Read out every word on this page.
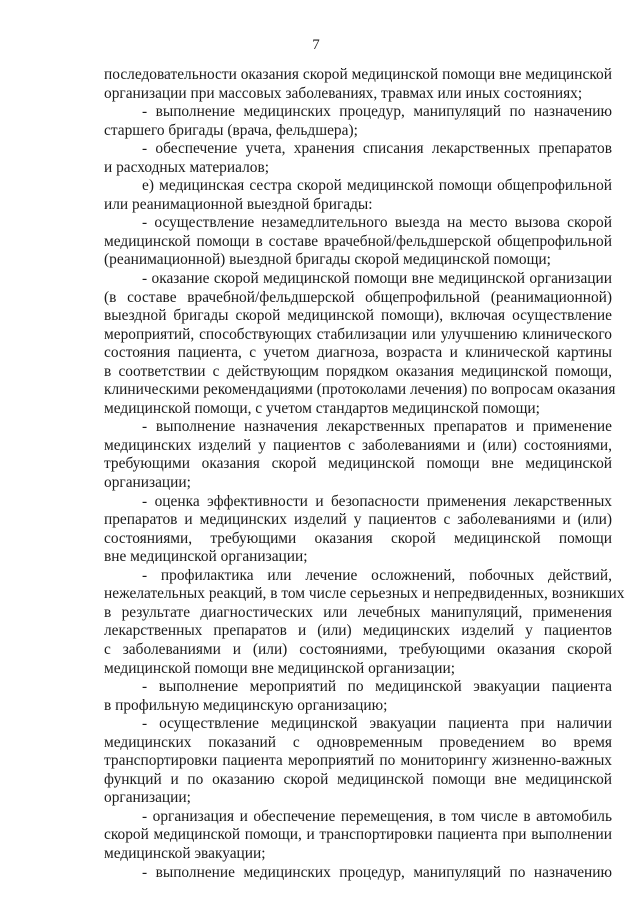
7
последовательности оказания скорой медицинской помощи вне медицинской
организации при массовых заболеваниях, травмах или иных состояниях;
- выполнение медицинских процедур, манипуляций по назначению
старшего бригады (врача, фельдшера);
- обеспечение учета, хранения списания лекарственных препаратов
и расходных материалов;
е) медицинская сестра скорой медицинской помощи общепрофильной
или реанимационной выездной бригады:
- осуществление незамедлительного выезда на место вызова скорой
медицинской помощи в составе врачебной/фельдшерской общепрофильной
(реанимационной) выездной бригады скорой медицинской помощи;
- оказание скорой медицинской помощи вне медицинской организации
(в составе врачебной/фельдшерской общепрофильной (реанимационной)
выездной бригады скорой медицинской помощи), включая осуществление
мероприятий, способствующих стабилизации или улучшению клинического
состояния пациента, с учетом диагноза, возраста и клинической картины
в соответствии с действующим порядком оказания медицинской помощи,
клиническими рекомендациями (протоколами лечения) по вопросам оказания
медицинской помощи, с учетом стандартов медицинской помощи;
- выполнение назначения лекарственных препаратов и применение
медицинских изделий у пациентов с заболеваниями и (или) состояниями,
требующими оказания скорой медицинской помощи вне медицинской
организации;
- оценка эффективности и безопасности применения лекарственных
препаратов и медицинских изделий у пациентов с заболеваниями и (или)
состояниями, требующими оказания скорой медицинской помощи
вне медицинской организации;
- профилактика или лечение осложнений, побочных действий,
нежелательных реакций, в том числе серьезных и непредвиденных, возникших
в результате диагностических или лечебных манипуляций, применения
лекарственных препаратов и (или) медицинских изделий у пациентов
с заболеваниями и (или) состояниями, требующими оказания скорой
медицинской помощи вне медицинской организации;
- выполнение мероприятий по медицинской эвакуации пациента
в профильную медицинскую организацию;
- осуществление медицинской эвакуации пациента при наличии
медицинских показаний с одновременным проведением во время
транспортировки пациента мероприятий по мониторингу жизненно-важных
функций и по оказанию скорой медицинской помощи вне медицинской
организации;
- организация и обеспечение перемещения, в том числе в автомобиль
скорой медицинской помощи, и транспортировки пациента при выполнении
медицинской эвакуации;
- выполнение медицинских процедур, манипуляций по назначению
